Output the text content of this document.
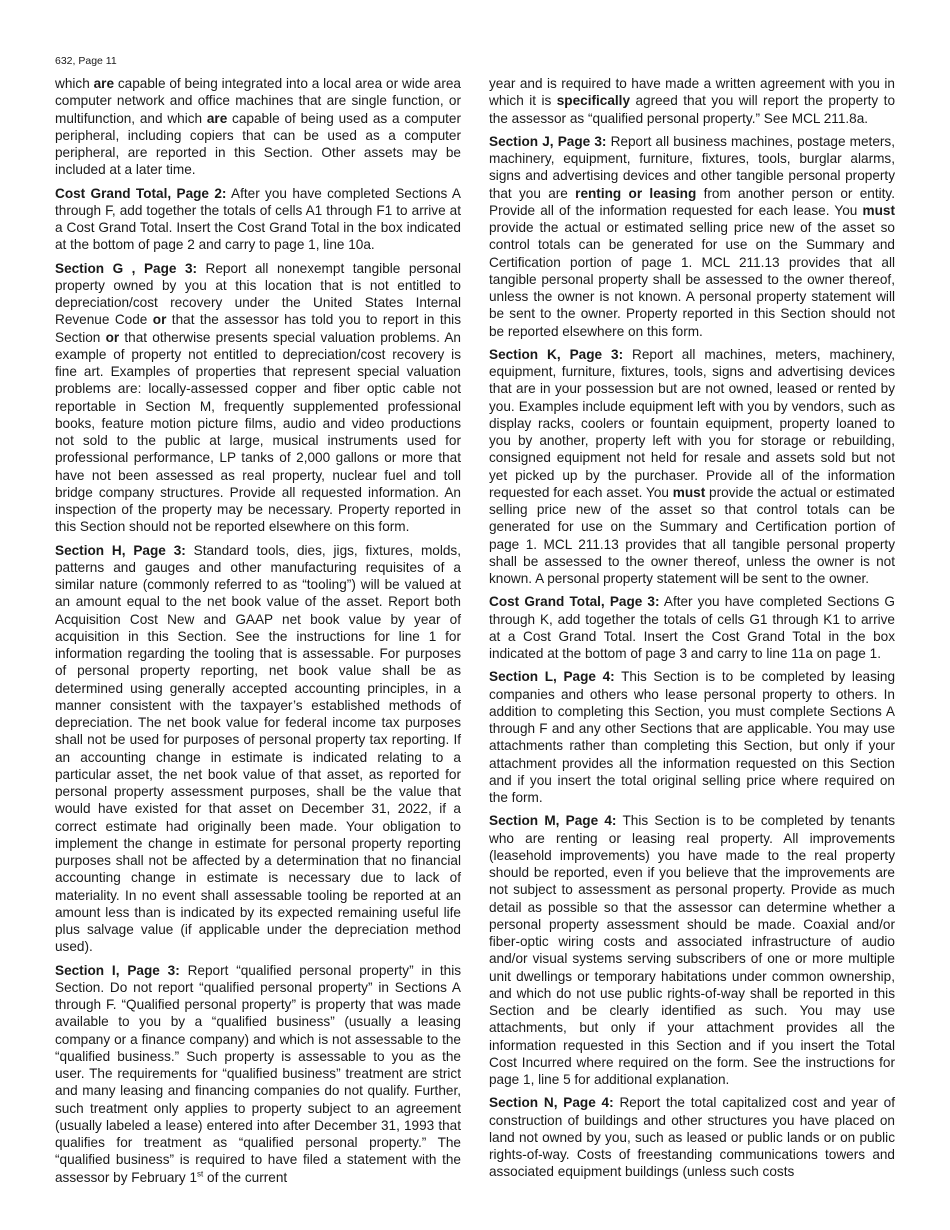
632, Page 11

which are capable of being integrated into a local area or wide area computer network and office machines that are single function, or multifunction, and which are capable of being used as a computer peripheral, including copiers that can be used as a computer peripheral, are reported in this Section. Other assets may be included at a later time.

Cost Grand Total, Page 2: After you have completed Sections A through F, add together the totals of cells A1 through F1 to arrive at a Cost Grand Total. Insert the Cost Grand Total in the box indicated at the bottom of page 2 and carry to page 1, line 10a.

Section G , Page 3: Report all nonexempt tangible personal property owned by you at this location that is not entitled to depreciation/cost recovery under the United States Internal Revenue Code or that the assessor has told you to report in this Section or that otherwise presents special valuation problems. An example of property not entitled to depreciation/cost recovery is fine art. Examples of properties that represent special valuation problems are: locally-assessed copper and fiber optic cable not reportable in Section M, frequently supplemented professional books, feature motion picture films, audio and video productions not sold to the public at large, musical instruments used for professional performance, LP tanks of 2,000 gallons or more that have not been assessed as real property, nuclear fuel and toll bridge company structures. Provide all requested information. An inspection of the property may be necessary. Property reported in this Section should not be reported elsewhere on this form.

Section H, Page 3: Standard tools, dies, jigs, fixtures, molds, patterns and gauges and other manufacturing requisites of a similar nature (commonly referred to as “tooling”) will be valued at an amount equal to the net book value of the asset. Report both Acquisition Cost New and GAAP net book value by year of acquisition in this Section. See the instructions for line 1 for information regarding the tooling that is assessable. For purposes of personal property reporting, net book value shall be as determined using generally accepted accounting principles, in a manner consistent with the taxpayer’s established methods of depreciation. The net book value for federal income tax purposes shall not be used for purposes of personal property tax reporting. If an accounting change in estimate is indicated relating to a particular asset, the net book value of that asset, as reported for personal property assessment purposes, shall be the value that would have existed for that asset on December 31, 2022, if a correct estimate had originally been made. Your obligation to implement the change in estimate for personal property reporting purposes shall not be affected by a determination that no financial accounting change in estimate is necessary due to lack of materiality. In no event shall assessable tooling be reported at an amount less than is indicated by its expected remaining useful life plus salvage value (if applicable under the depreciation method used).

Section I, Page 3: Report “qualified personal property” in this Section. Do not report “qualified personal property” in Sections A through F. “Qualified personal property” is property that was made available to you by a “qualified business” (usually a leasing company or a finance company) and which is not assessable to the “qualified business.” Such property is assessable to you as the user. The requirements for “qualified business” treatment are strict and many leasing and financing companies do not qualify. Further, such treatment only applies to property subject to an agreement (usually labeled a lease) entered into after December 31, 1993 that qualifies for treatment as “qualified personal property.” The “qualified business” is required to have filed a statement with the assessor by February 1st of the current

year and is required to have made a written agreement with you in which it is specifically agreed that you will report the property to the assessor as “qualified personal property.” See MCL 211.8a.

Section J, Page 3: Report all business machines, postage meters, machinery, equipment, furniture, fixtures, tools, burglar alarms, signs and advertising devices and other tangible personal property that you are renting or leasing from another person or entity. Provide all of the information requested for each lease. You must provide the actual or estimated selling price new of the asset so control totals can be generated for use on the Summary and Certification portion of page 1. MCL 211.13 provides that all tangible personal property shall be assessed to the owner thereof, unless the owner is not known. A personal property statement will be sent to the owner. Property reported in this Section should not be reported elsewhere on this form.

Section K, Page 3: Report all machines, meters, machinery, equipment, furniture, fixtures, tools, signs and advertising devices that are in your possession but are not owned, leased or rented by you. Examples include equipment left with you by vendors, such as display racks, coolers or fountain equipment, property loaned to you by another, property left with you for storage or rebuilding, consigned equipment not held for resale and assets sold but not yet picked up by the purchaser. Provide all of the information requested for each asset. You must provide the actual or estimated selling price new of the asset so that control totals can be generated for use on the Summary and Certification portion of page 1. MCL 211.13 provides that all tangible personal property shall be assessed to the owner thereof, unless the owner is not known. A personal property statement will be sent to the owner.

Cost Grand Total, Page 3: After you have completed Sections G through K, add together the totals of cells G1 through K1 to arrive at a Cost Grand Total. Insert the Cost Grand Total in the box indicated at the bottom of page 3 and carry to line 11a on page 1.

Section L, Page 4: This Section is to be completed by leasing companies and others who lease personal property to others. In addition to completing this Section, you must complete Sections A through F and any other Sections that are applicable. You may use attachments rather than completing this Section, but only if your attachment provides all the information requested on this Section and if you insert the total original selling price where required on the form.

Section M, Page 4: This Section is to be completed by tenants who are renting or leasing real property. All improvements (leasehold improvements) you have made to the real property should be reported, even if you believe that the improvements are not subject to assessment as personal property. Provide as much detail as possible so that the assessor can determine whether a personal property assessment should be made. Coaxial and/or fiber-optic wiring costs and associated infrastructure of audio and/or visual systems serving subscribers of one or more multiple unit dwellings or temporary habitations under common ownership, and which do not use public rights-of-way shall be reported in this Section and be clearly identified as such. You may use attachments, but only if your attachment provides all the information requested in this Section and if you insert the Total Cost Incurred where required on the form. See the instructions for page 1, line 5 for additional explanation.

Section N, Page 4: Report the total capitalized cost and year of construction of buildings and other structures you have placed on land not owned by you, such as leased or public lands or on public rights-of-way. Costs of freestanding communications towers and associated equipment buildings (unless such costs
